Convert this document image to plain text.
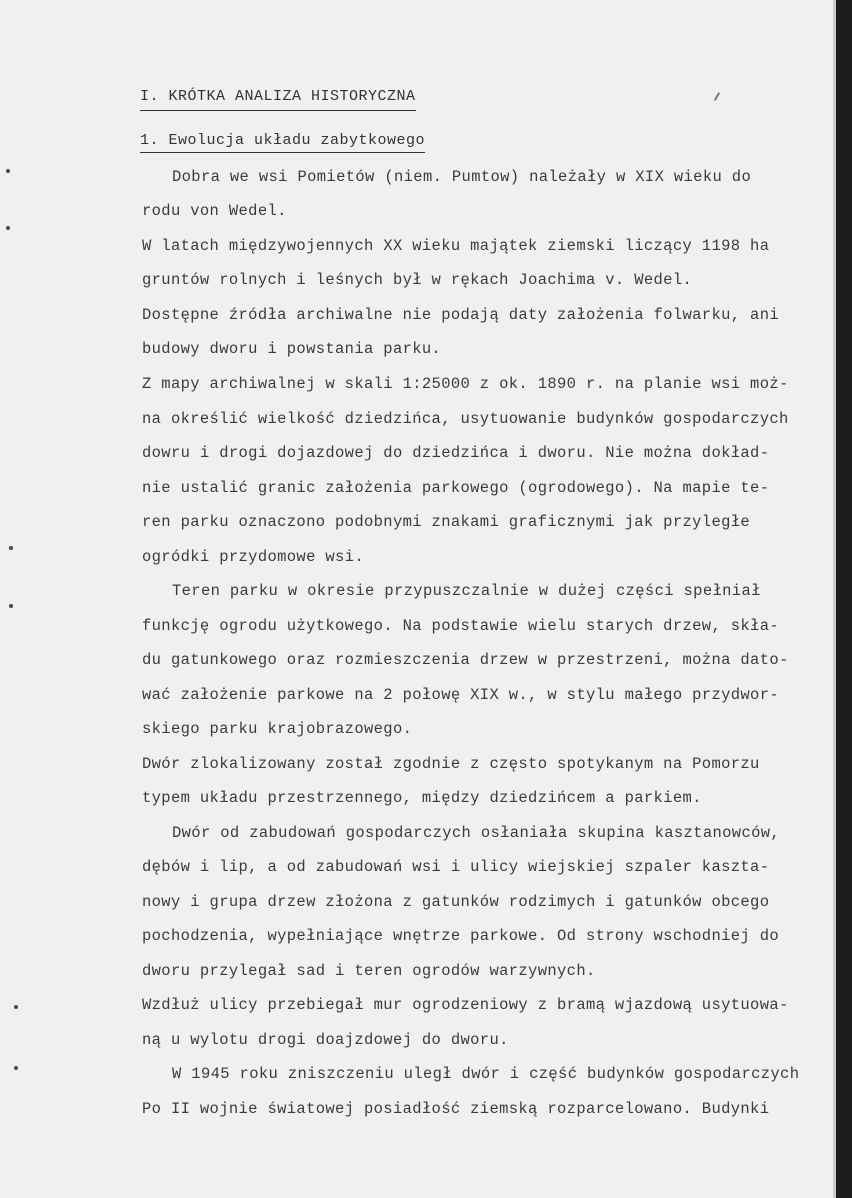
I. KRÓTKA ANALIZA HISTORYCZNA
1. Ewolucja układu zabytkowego
Dobra we wsi Pomietów (niem. Pumtow) należały w XIX wieku do
rodu von Wedel.
W latach międzywojennych XX wieku majątek ziemski liczący 1198 ha
gruntów rolnych i leśnych był w rękach Joachima v. Wedel.
Dostępne źródła archiwalne nie podają daty założenia folwarku, ani
budowy dworu i powstania parku.
Z mapy archiwalnej w skali 1:25000 z ok. 1890 r. na planie wsi moż-
na określić wielkość dziedzińca, usytuowanie budynków gospodarczych
dowru i drogi dojazdowej do dziedzińca i dworu. Nie można dokład-
nie ustalić granic założenia parkowego (ogrodowego). Na mapie te-
ren parku oznaczono podobnymi znakami graficznymi jak przyległe
ogródki przydomowe wsi.
Teren parku w okresie przypuszczalnie w dużej części spełniał
funkcję ogrodu użytkowego. Na podstawie wielu starych drzew, skła-
du gatunkowego oraz rozmieszczenia drzew w przestrzeni, można dato-
wać założenie parkowe na 2 połowę XIX w., w stylu małego przydwor-
skiego parku krajobrazowego.
Dwór zlokalizowany został zgodnie z często spotykanym na Pomorzu
typem układu przestrzennego, między dziedzińcem a parkiem.
Dwór od zabudowań gospodarczych osłaniała skupina kasztanowców,
dębów i lip, a od zabudowań wsi i ulicy wiejskiej szpaler kaszta-
nowy i grupa drzew złożona z gatunków rodzimych i gatunków obcego
pochodzenia, wypełniające wnętrze parkowe. Od strony wschodniej do
dworu przylegał sad i teren ogrodów warzywnych.
Wzdłuż ulicy przebiegał mur ogrodzeniowy z bramą wjazdową usytuowa-
ną u wylotu drogi doajzdowej do dworu.
W 1945 roku zniszczeniu uległ dwór i część budynków gospodarczych
Po II wojnie światowej posiadłość ziemską rozparcelowano. Budynki
